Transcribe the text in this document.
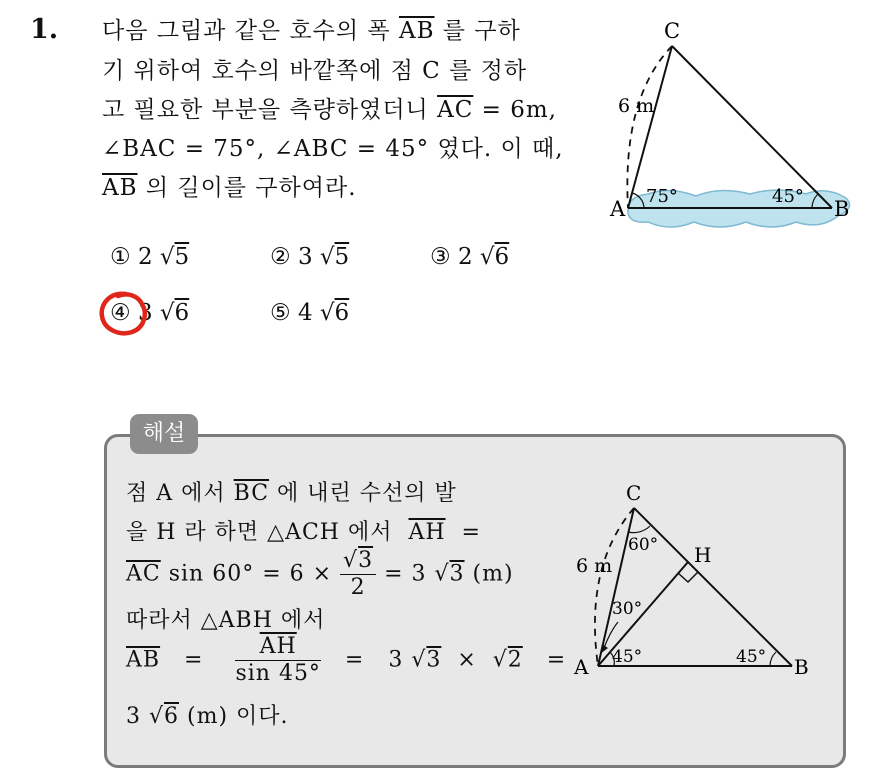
1. 다음 그림과 같은 호수의 폭 $\overline{AB}$ 를 구하
기 위하여 호수의 바깥쪽에 점 C 를 정하
고 필요한 부분을 측량하였더니 $\overline{AC} = 6m$,
∠BAC = 75°, ∠ABC = 45° 였다. 이 때,
$\overline{AB}$ 의 길이를 구하여라.
C
A	B
6 m
75°	45°
① 2 √5	② 3 √5	③ 2 √6
④ 3 √6	⑤ 4 √6
해설
점 A 에서 $\overline{BC}$ 에 내린 수선의 발
을 H 라 하면 △ACH 에서  $\overline{AH}$  =
$\overline{AC}$ $\sin 60^\circ = 6 \times \frac{√3}{2} = 3$ √3 (m)
따라서 △ABH 에서
$\overline{AB} = \frac{\overline{AH}}{\sin 45^\circ} = 3$ √3  ×  √2   =
3 √6 (m) 이다.
C
H
A	B
6 m
60°
30°
45°	45°
